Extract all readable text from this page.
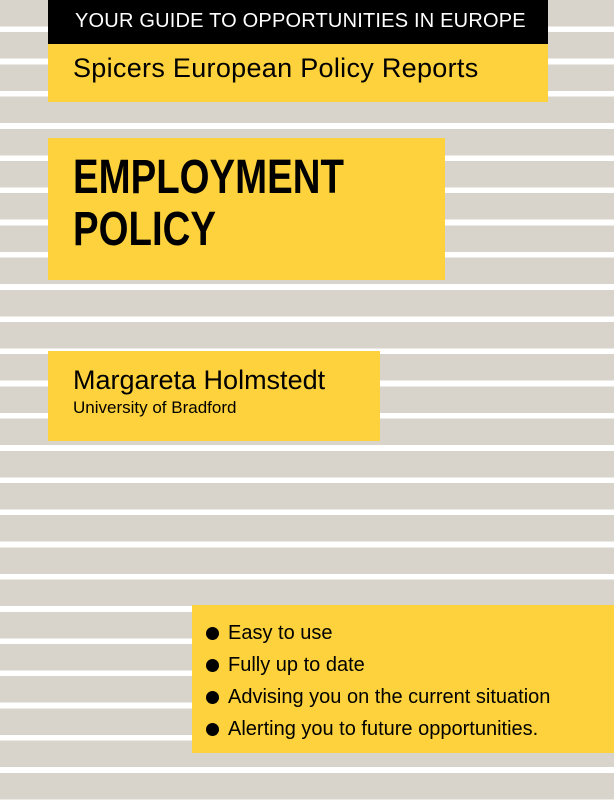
YOUR GUIDE TO OPPORTUNITIES IN EUROPE
Spicers European Policy Reports
EMPLOYMENT
POLICY
Margareta Holmstedt
University of Bradford
Easy to use
Fully up to date
Advising you on the current situation
Alerting you to future opportunities.
